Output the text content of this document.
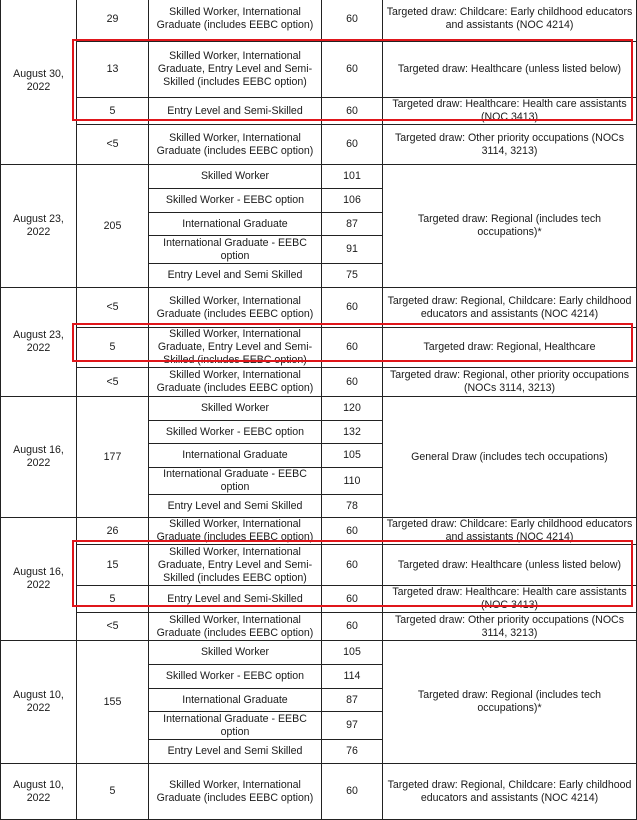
August 30, 2022	29	Skilled Worker, International Graduate (includes EEBC option)	60	Targeted draw: Childcare: Early childhood educators and assistants (NOC 4214)
	13	Skilled Worker, International Graduate, Entry Level and Semi-Skilled (includes EEBC option)	60	Targeted draw: Healthcare (unless listed below)
	5	Entry Level and Semi-Skilled	60	Targeted draw: Healthcare: Health care assistants (NOC 3413)
	<5	Skilled Worker, International Graduate (includes EEBC option)	60	Targeted draw: Other priority occupations (NOCs 3114, 3213)
August 23, 2022	205	Skilled Worker	101	Targeted draw: Regional (includes tech occupations)*
		Skilled Worker - EEBC option	106	
		International Graduate	87	
		International Graduate - EEBC option	91	
		Entry Level and Semi Skilled	75	
August 23, 2022	<5	Skilled Worker, International Graduate (includes EEBC option)	60	Targeted draw: Regional, Childcare: Early childhood educators and assistants (NOC 4214)
	5	Skilled Worker, International Graduate, Entry Level and Semi-Skilled (includes EEBC option)	60	Targeted draw: Regional, Healthcare
	<5	Skilled Worker, International Graduate (includes EEBC option)	60	Targeted draw: Regional, other priority occupations (NOCs 3114, 3213)
August 16, 2022	177	Skilled Worker	120	General Draw (includes tech occupations)
		Skilled Worker - EEBC option	132	
		International Graduate	105	
		International Graduate - EEBC option	110	
		Entry Level and Semi Skilled	78	
August 16, 2022	26	Skilled Worker, International Graduate (includes EEBC option)	60	Targeted draw: Childcare: Early childhood educators and assistants (NOC 4214)
	15	Skilled Worker, International Graduate, Entry Level and Semi-Skilled (includes EEBC option)	60	Targeted draw: Healthcare (unless listed below)
	5	Entry Level and Semi-Skilled	60	Targeted draw: Healthcare: Health care assistants (NOC 3413)
	<5	Skilled Worker, International Graduate (includes EEBC option)	60	Targeted draw: Other priority occupations (NOCs 3114, 3213)
August 10, 2022	155	Skilled Worker	105	Targeted draw: Regional (includes tech occupations)*
		Skilled Worker - EEBC option	114	
		International Graduate	87	
		International Graduate - EEBC option	97	
		Entry Level and Semi Skilled	76	
August 10, 2022	5	Skilled Worker, International Graduate (includes EEBC option)	60	Targeted draw: Regional, Childcare: Early childhood educators and assistants (NOC 4214)
